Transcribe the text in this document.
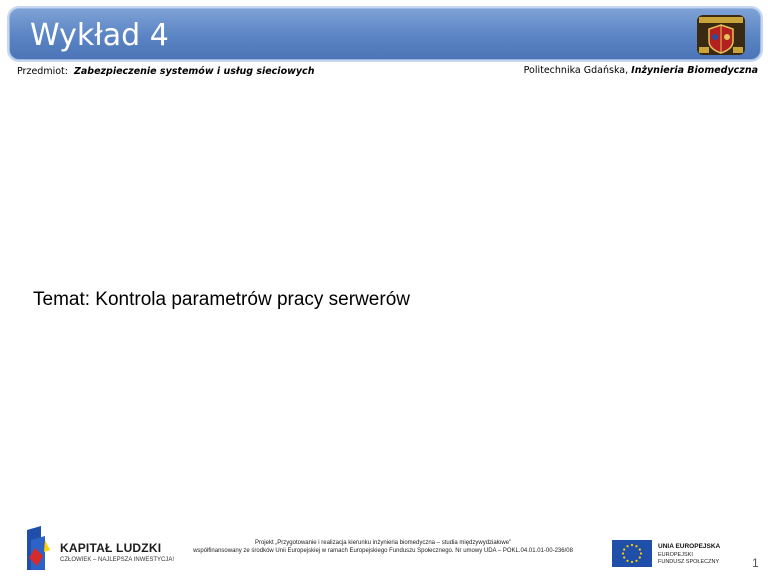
Wykład 4
Przedmiot: Zabezpieczenie systemów i usług sieciowych	Politechnika Gdańska, Inżynieria Biomedyczna
Temat: Kontrola parametrów pracy serwerów
KAPITAŁ LUDZKI
CZŁOWIEK – NAJLEPSZA INWESTYCJA!
Projekt „Przygotowanie i realizacja kierunku inżynieria biomedyczna – studia międzywydziałowe”
współfinansowany ze środków Unii Europejskiej w ramach Europejskiego Funduszu Społecznego. Nr umowy UDA – POKL.04.01.01-00-236/08
UNIA EUROPEJSKA
EUROPEJSKI
FUNDUSZ SPOŁECZNY	1
